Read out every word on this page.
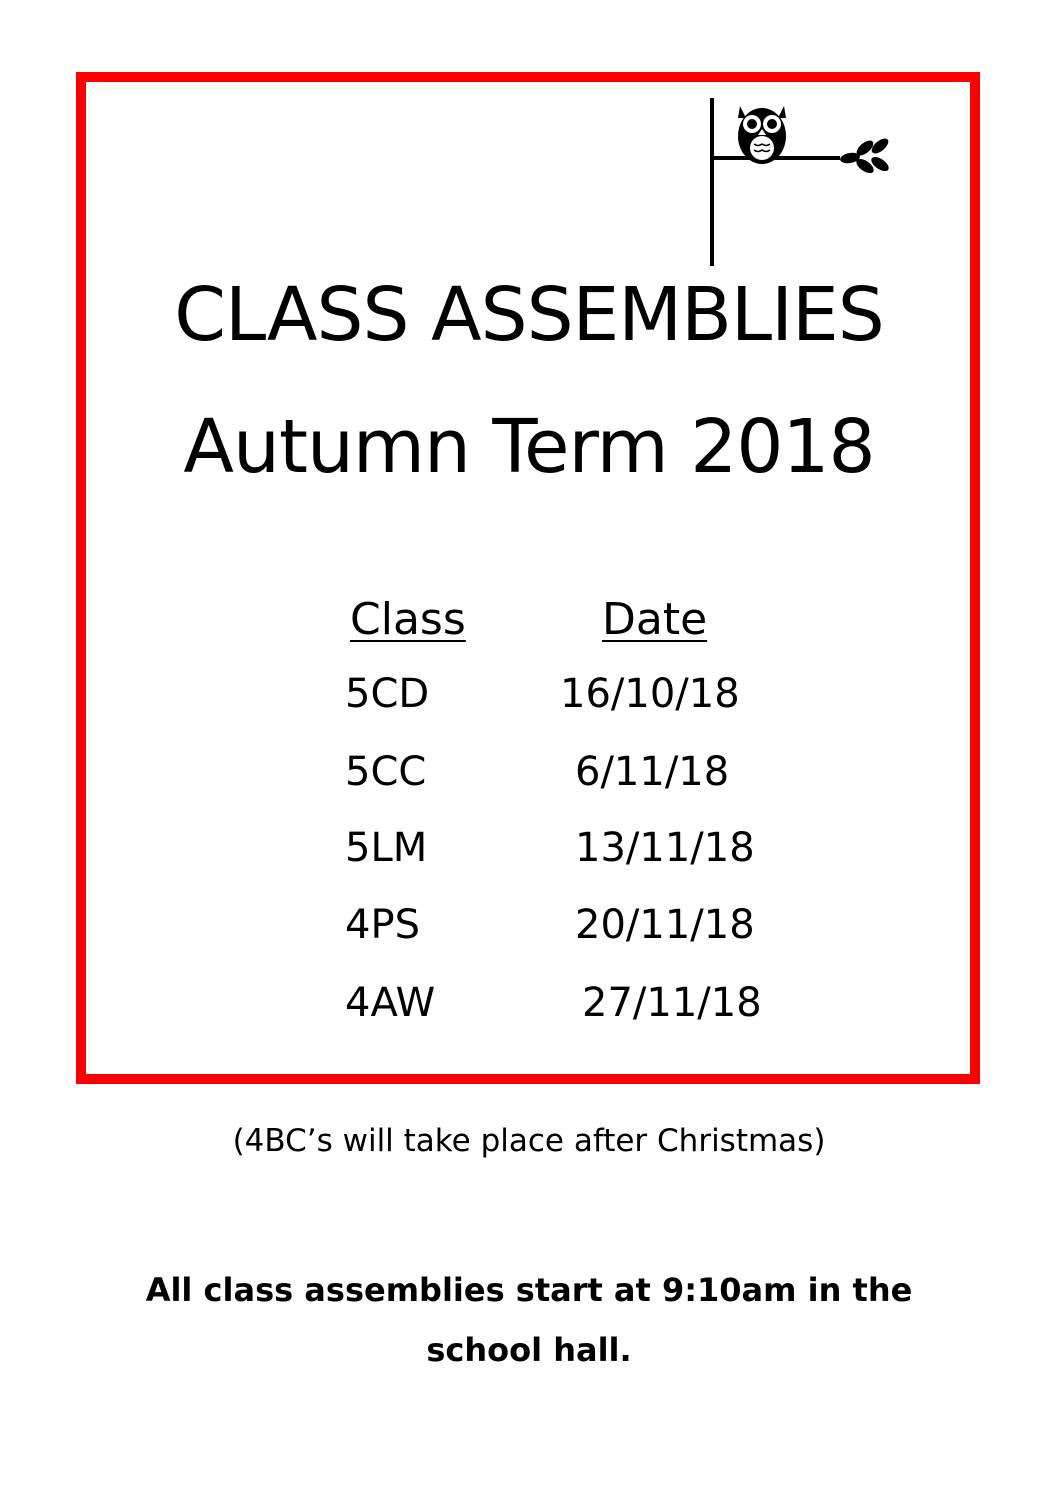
CLASS ASSEMBLIES
Autumn Term 2018
Class	Date
5CD	16/10/18
5CC	6/11/18
5LM	13/11/18
4PS	20/11/18
4AW	27/11/18
(4BC’s will take place after Christmas)
All class assemblies start at 9:10am in the school hall.
